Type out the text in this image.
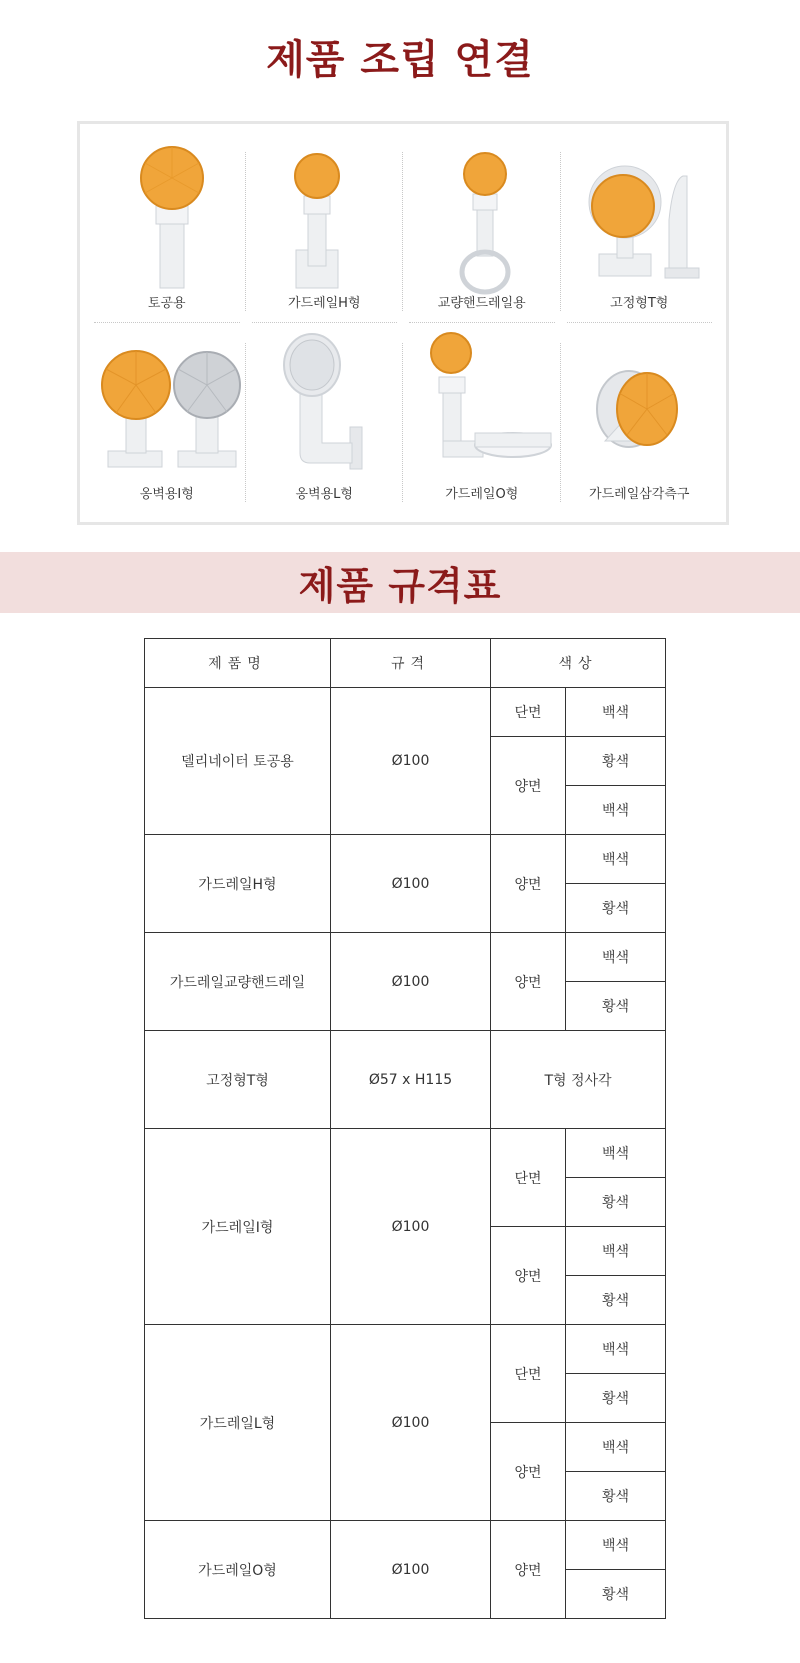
제품 조립 연결
토공용	가드레일H형	교량핸드레일용	고정형T형
옹벽용I형	옹벽용L형	가드레일O형	가드레일삼각측구
제품 규격표
제품명	규격	색상	
델리네이터 토공용	Ø100	단면	백색
		양면	황색
			백색
가드레일H형	Ø100	양면	백색
			황색
가드레일교량핸드레일	Ø100	양면	백색
			황색
고정형T형	Ø57 x H115	T형 정사각	
가드레일I형	Ø100	단면	백색
			황색
		양면	백색
			황색
가드레일L형	Ø100	단면	백색
			황색
		양면	백색
			황색
가드레일O형	Ø100	양면	백색
			황색
